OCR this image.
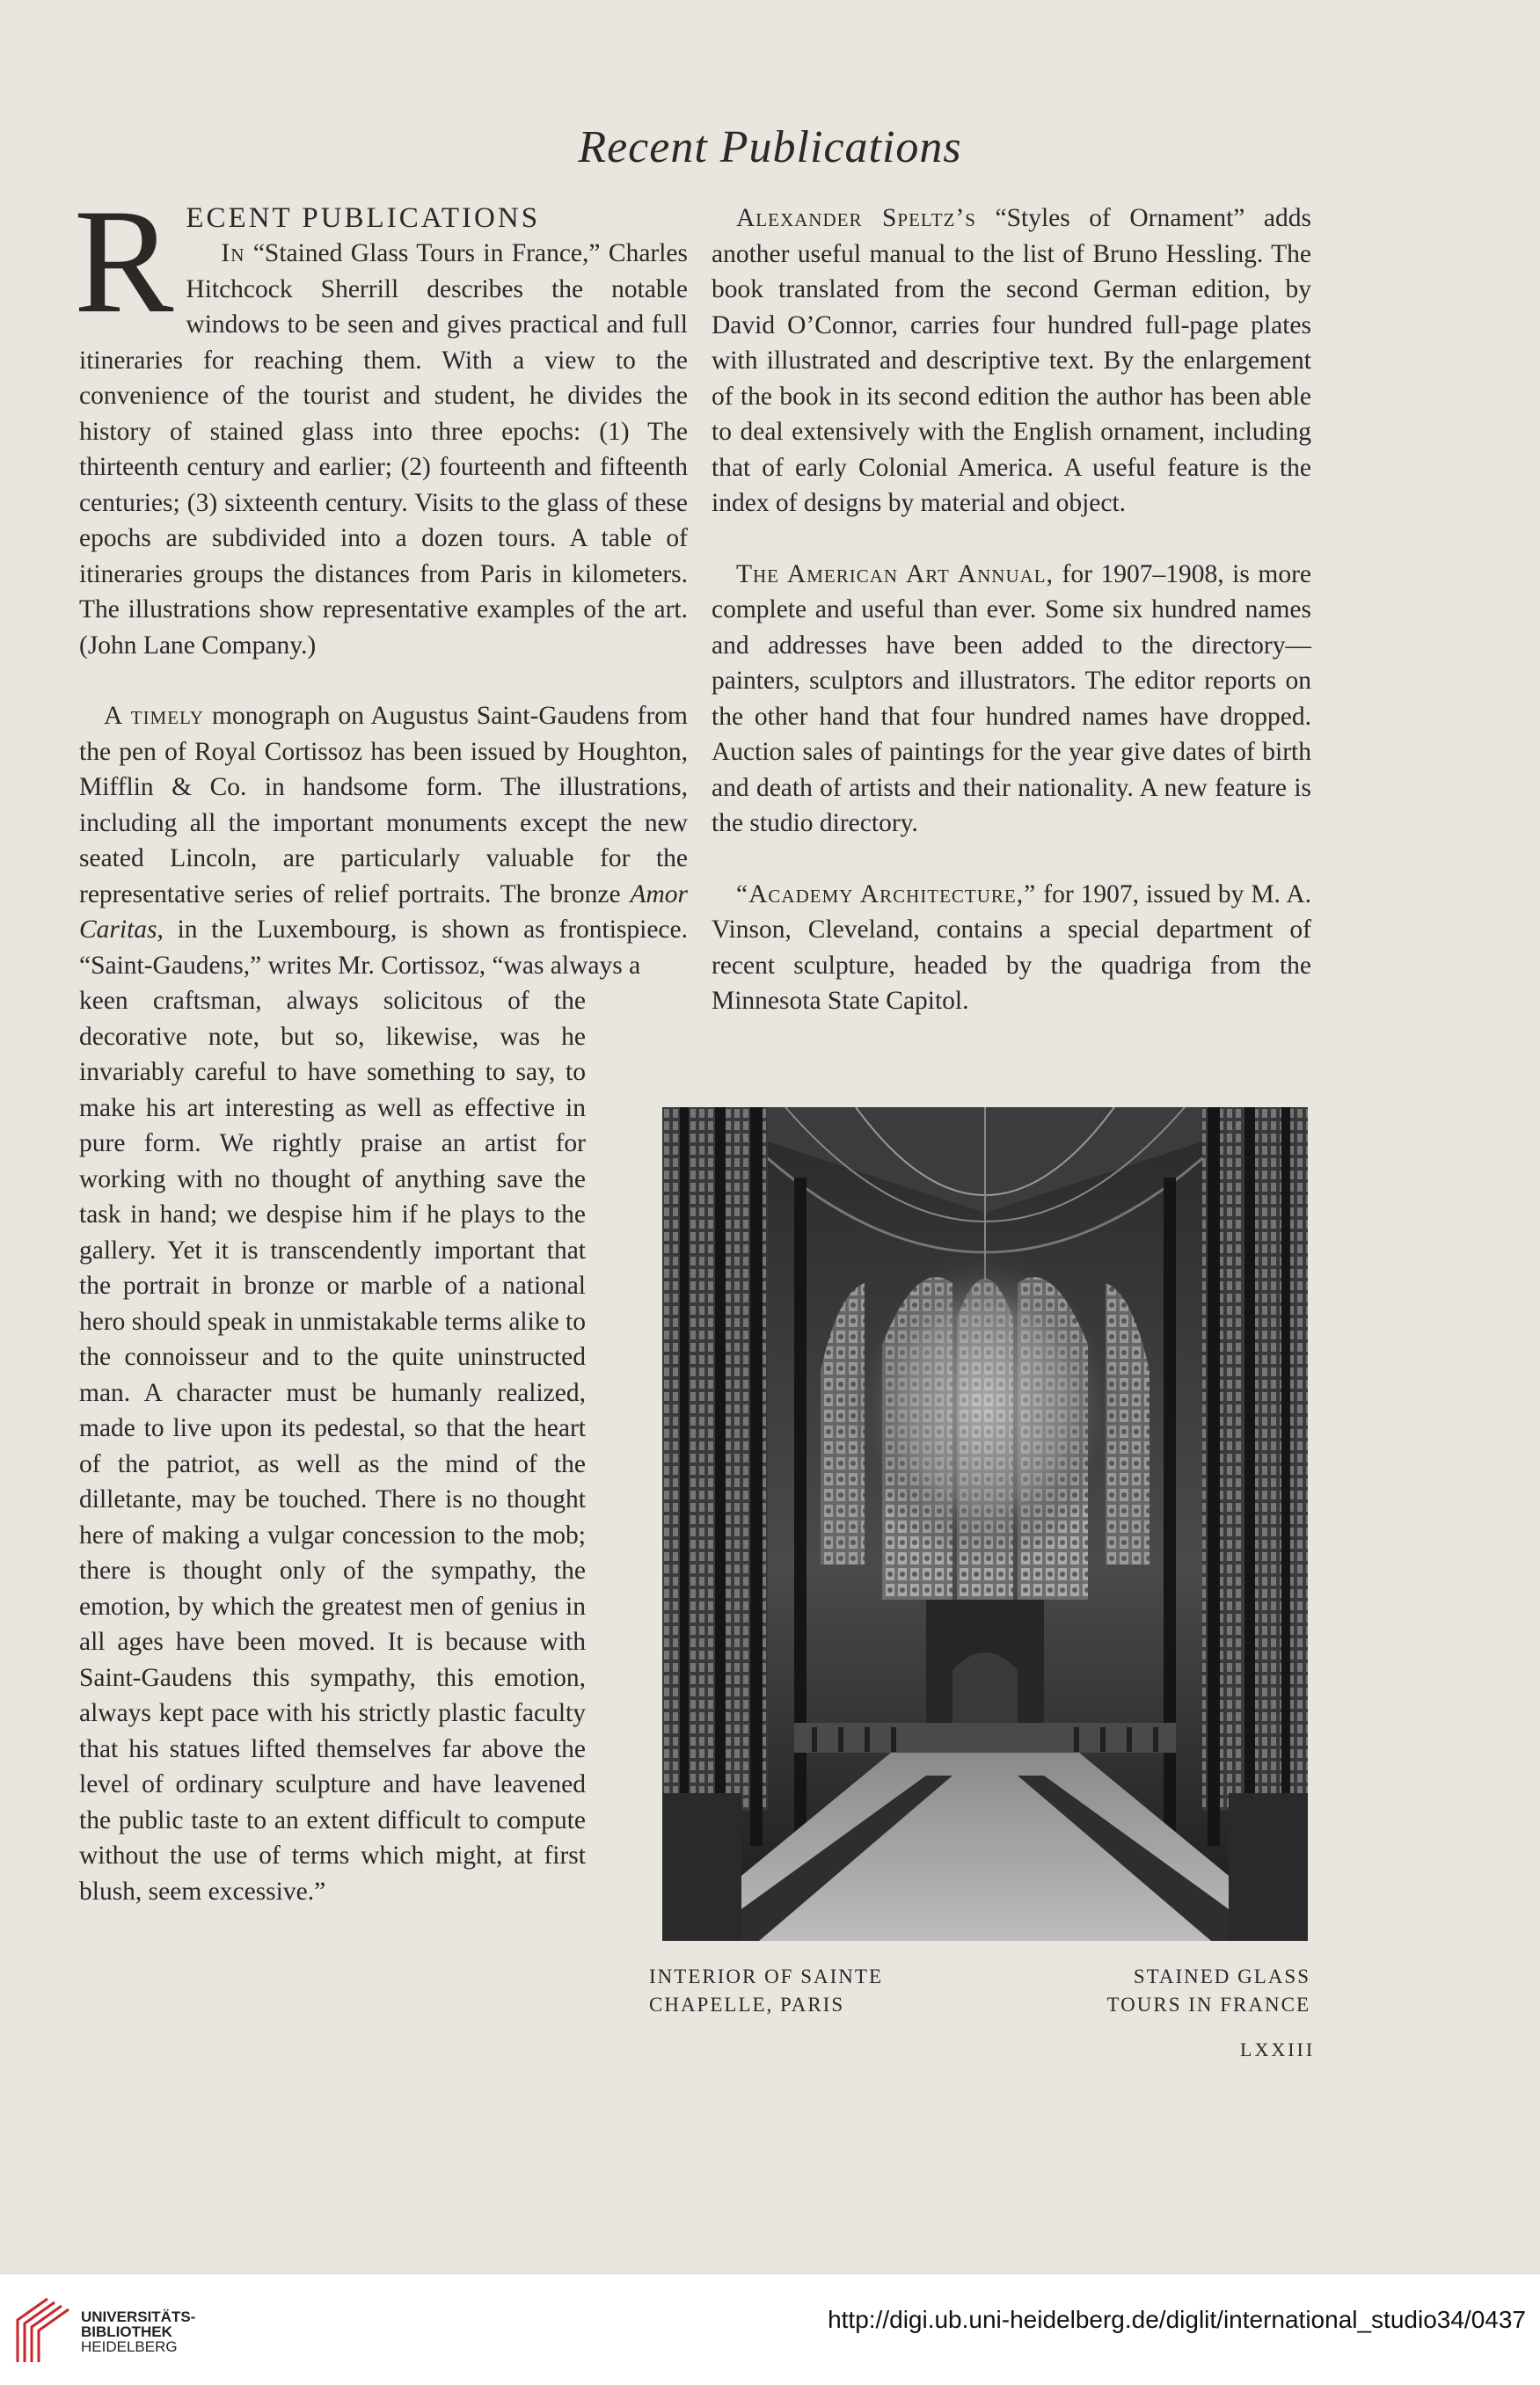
Recent Publications
R ECENT PUBLICATIONS

In “Stained Glass Tours in France,” Charles Hitchcock Sherrill describes the notable windows to be seen and gives practical and full itineraries for reaching them. With a view to the convenience of the tourist and student, he divides the history of stained glass into three epochs: (1) The thirteenth century and earlier; (2) fourteenth and fifteenth centuries; (3) sixteenth century. Visits to the glass of these epochs are subdivided into a dozen tours. A table of itineraries groups the distances from Paris in kilometers. The illustrations show representative examples of the art. (John Lane Company.)

A timely monograph on Augustus Saint-Gaudens from the pen of Royal Cortissoz has been issued by Houghton, Mifflin & Co. in handsome form. The illustrations, including all the important monuments except the new seated Lincoln, are particularly valuable for the representative series of relief portraits. The bronze Amor Caritas, in the Luxembourg, is shown as frontispiece. “Saint-Gaudens,” writes Mr. Cortissoz, “was always a

keen craftsman, always solicitous of the decorative note, but so, likewise, was he invariably careful to have something to say, to make his art interesting as well as effective in pure form. We rightly praise an artist for working with no thought of anything save the task in hand; we despise him if he plays to the gallery. Yet it is transcendently important that the portrait in bronze or marble of a national hero should speak in unmistakable terms alike to the connoisseur and to the quite uninstructed man. A character must be humanly realized, made to live upon its pedestal, so that the heart of the patriot, as well as the mind of the dilletante, may be touched. There is no thought here of making a vulgar concession to the mob; there is thought only of the sympathy, the emotion, by which the greatest men of genius in all ages have been moved. It is because with Saint-Gaudens this sympathy, this emotion, always kept pace with his strictly plastic faculty that his statues lifted themselves far above the level of ordinary sculpture and have leavened the public taste to an extent difficult to compute without the use of terms which might, at first blush, seem excessive.”

Alexander Speltz’s “Styles of Ornament” adds another useful manual to the list of Bruno Hessling. The book translated from the second German edition, by David O’Connor, carries four hundred full-page plates with illustrated and descriptive text. By the enlargement of the book in its second edition the author has been able to deal extensively with the English ornament, including that of early Colonial America. A useful feature is the index of designs by material and object.

The American Art Annual, for 1907–1908, is more complete and useful than ever. Some six hundred names and addresses have been added to the directory—painters, sculptors and illustrators. The editor reports on the other hand that four hundred names have dropped. Auction sales of paintings for the year give dates of birth and death of artists and their nationality. A new feature is the studio directory.

“Academy Architecture,” for 1907, issued by M. A. Vinson, Cleveland, contains a special department of recent sculpture, headed by the quadriga from the Minnesota State Capitol.

INTERIOR OF SAINTE
CHAPELLE, PARIS
STAINED GLASS
TOURS IN FRANCE
LXXIII
UNIVERSITÄTS-
BIBLIOTHEK
HEIDELBERG
http://digi.ub.uni-heidelberg.de/diglit/international_studio34/0437
